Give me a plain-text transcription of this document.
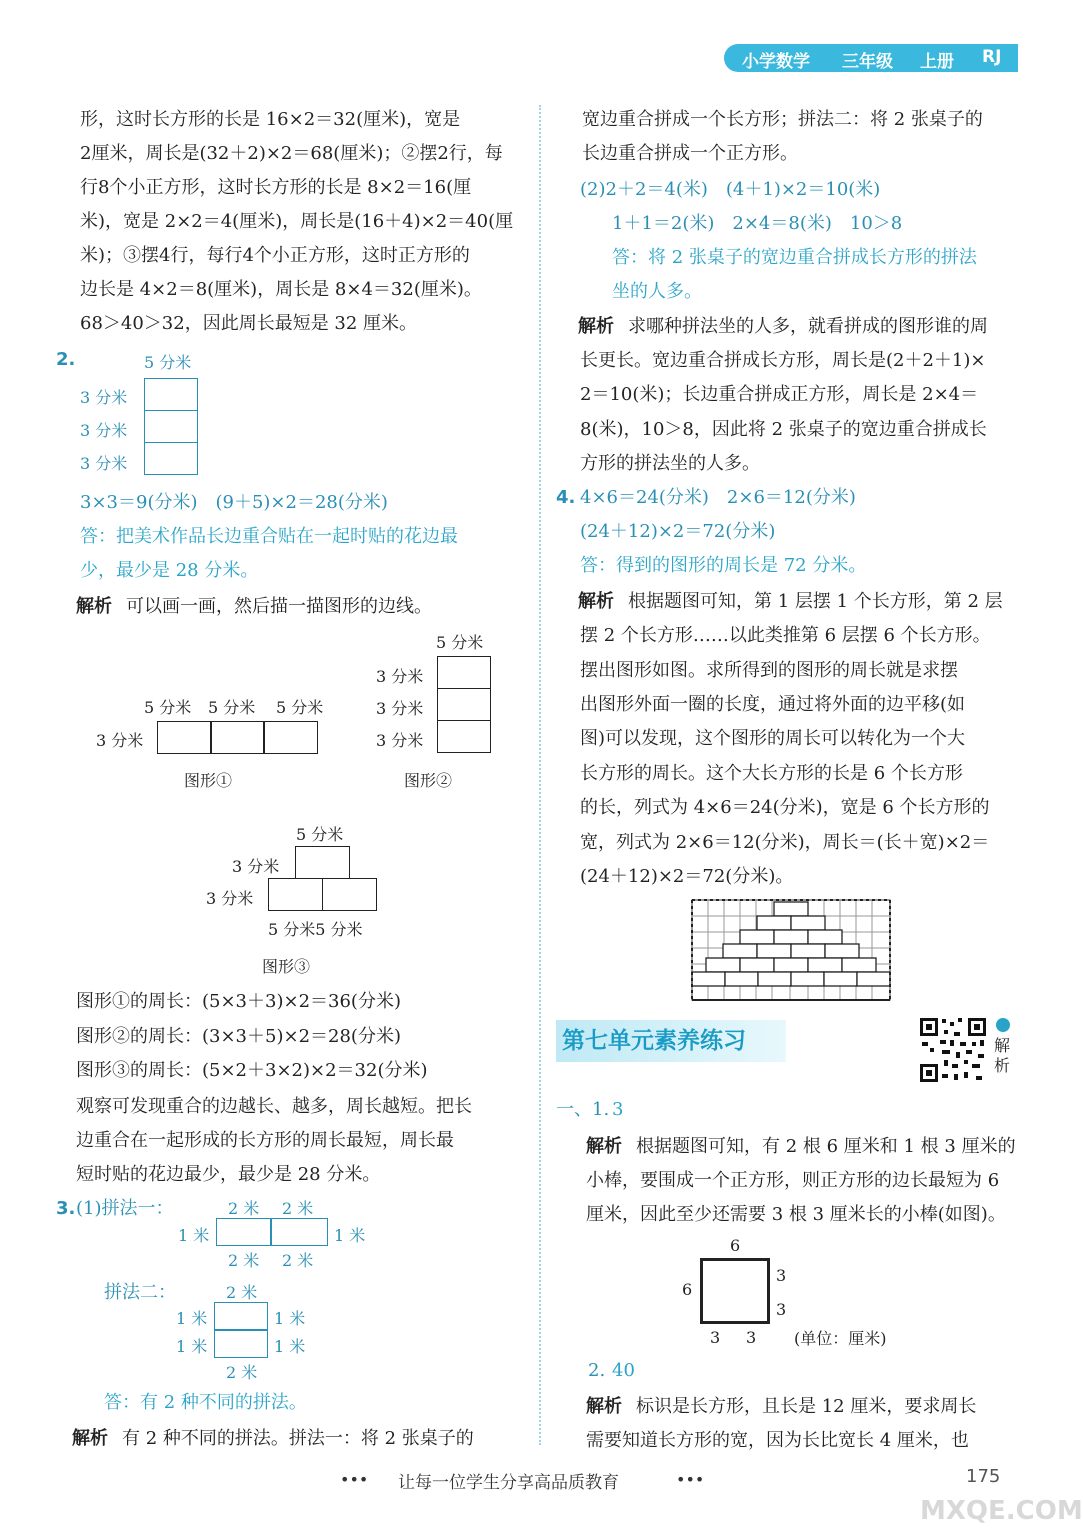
小学数学 三年级 上册 RJ
形，这时长方形的长是 16×2＝32(厘米)，宽是
2厘米，周长是(32＋2)×2＝68(厘米)；②摆2行，每
行8个小正方形，这时长方形的长是 8×2＝16(厘
米)，宽是 2×2＝4(厘米)，周长是(16＋4)×2＝40(厘
米)；③摆4行，每行4个小正方形，这时正方形的
边长是 4×2＝8(厘米)，周长是 8×4＝32(厘米)。
68＞40＞32，因此周长最短是 32 厘米。
2.	5 分米
3 分米
3 分米
3 分米
3×3＝9(分米)　(9＋5)×2＝28(分米)
答：把美术作品长边重合贴在一起时贴的花边最
少，最少是 28 分米。
解析 可以画一画，然后描一描图形的边线。
5 分米 5 分米 5 分米
3 分米
图形①
5 分米
3 分米
3 分米
3 分米
图形②
5 分米
3 分米
3 分米
5 分米5 分米
图形③
图形①的周长：(5×3＋3)×2＝36(分米)
图形②的周长：(3×3＋5)×2＝28(分米)
图形③的周长：(5×2＋3×2)×2＝32(分米)
观察可发现重合的边越长、越多，周长越短。把长
边重合在一起形成的长方形的周长最短，周长最
短时贴的花边最少，最少是 28 分米。
3. (1)拼法一：	2 米 2 米
1 米	1 米
2 米 2 米
拼法二：	2 米
1 米
1 米
1 米
1 米
2 米
答：有 2 种不同的拼法。
解析 有 2 种不同的拼法。拼法一：将 2 张桌子的
宽边重合拼成一个长方形；拼法二：将 2 张桌子的
长边重合拼成一个正方形。
(2)2＋2＝4(米)　(4＋1)×2＝10(米)
1＋1＝2(米)　2×4＝8(米)　10＞8
答：将 2 张桌子的宽边重合拼成长方形的拼法
坐的人多。
解析 求哪种拼法坐的人多，就看拼成的图形谁的周
长更长。宽边重合拼成长方形，周长是(2＋2＋1)×
2＝10(米)；长边重合拼成正方形，周长是 2×4＝
8(米)，10＞8，因此将 2 张桌子的宽边重合拼成长
方形的拼法坐的人多。
4. 4×6＝24(分米)　2×6＝12(分米)
(24＋12)×2＝72(分米)
答：得到的图形的周长是 72 分米。
解析 根据题图可知，第 1 层摆 1 个长方形，第 2 层
摆 2 个长方形……以此类推第 6 层摆 6 个长方形。
摆出图形如图。求所得到的图形的周长就是求摆
出图形外面一圈的长度，通过将外面的边平移(如
图)可以发现，这个图形的周长可以转化为一个大
长方形的周长。这个大长方形的长是 6 个长方形
的长，列式为 4×6＝24(分米)，宽是 6 个长方形的
宽，列式为 2×6＝12(分米)，周长＝(长＋宽)×2＝
(24＋12)×2＝72(分米)。
第七单元素养练习	解析
一、1. 3
解析 根据题图可知，有 2 根 6 厘米和 1 根 3 厘米的
小棒，要围成一个正方形，则正方形的边长最短为 6
厘米，因此至少还需要 3 根 3 厘米长的小棒(如图)。
6
6
3
3
3 3 (单位：厘米)
2. 40
解析 标识是长方形，且长是 12 厘米，要求周长
需要知道长方形的宽，因为长比宽长 4 厘米，也
••• 让每一位学生分享高品质教育	•••	175
MXQE.COM
